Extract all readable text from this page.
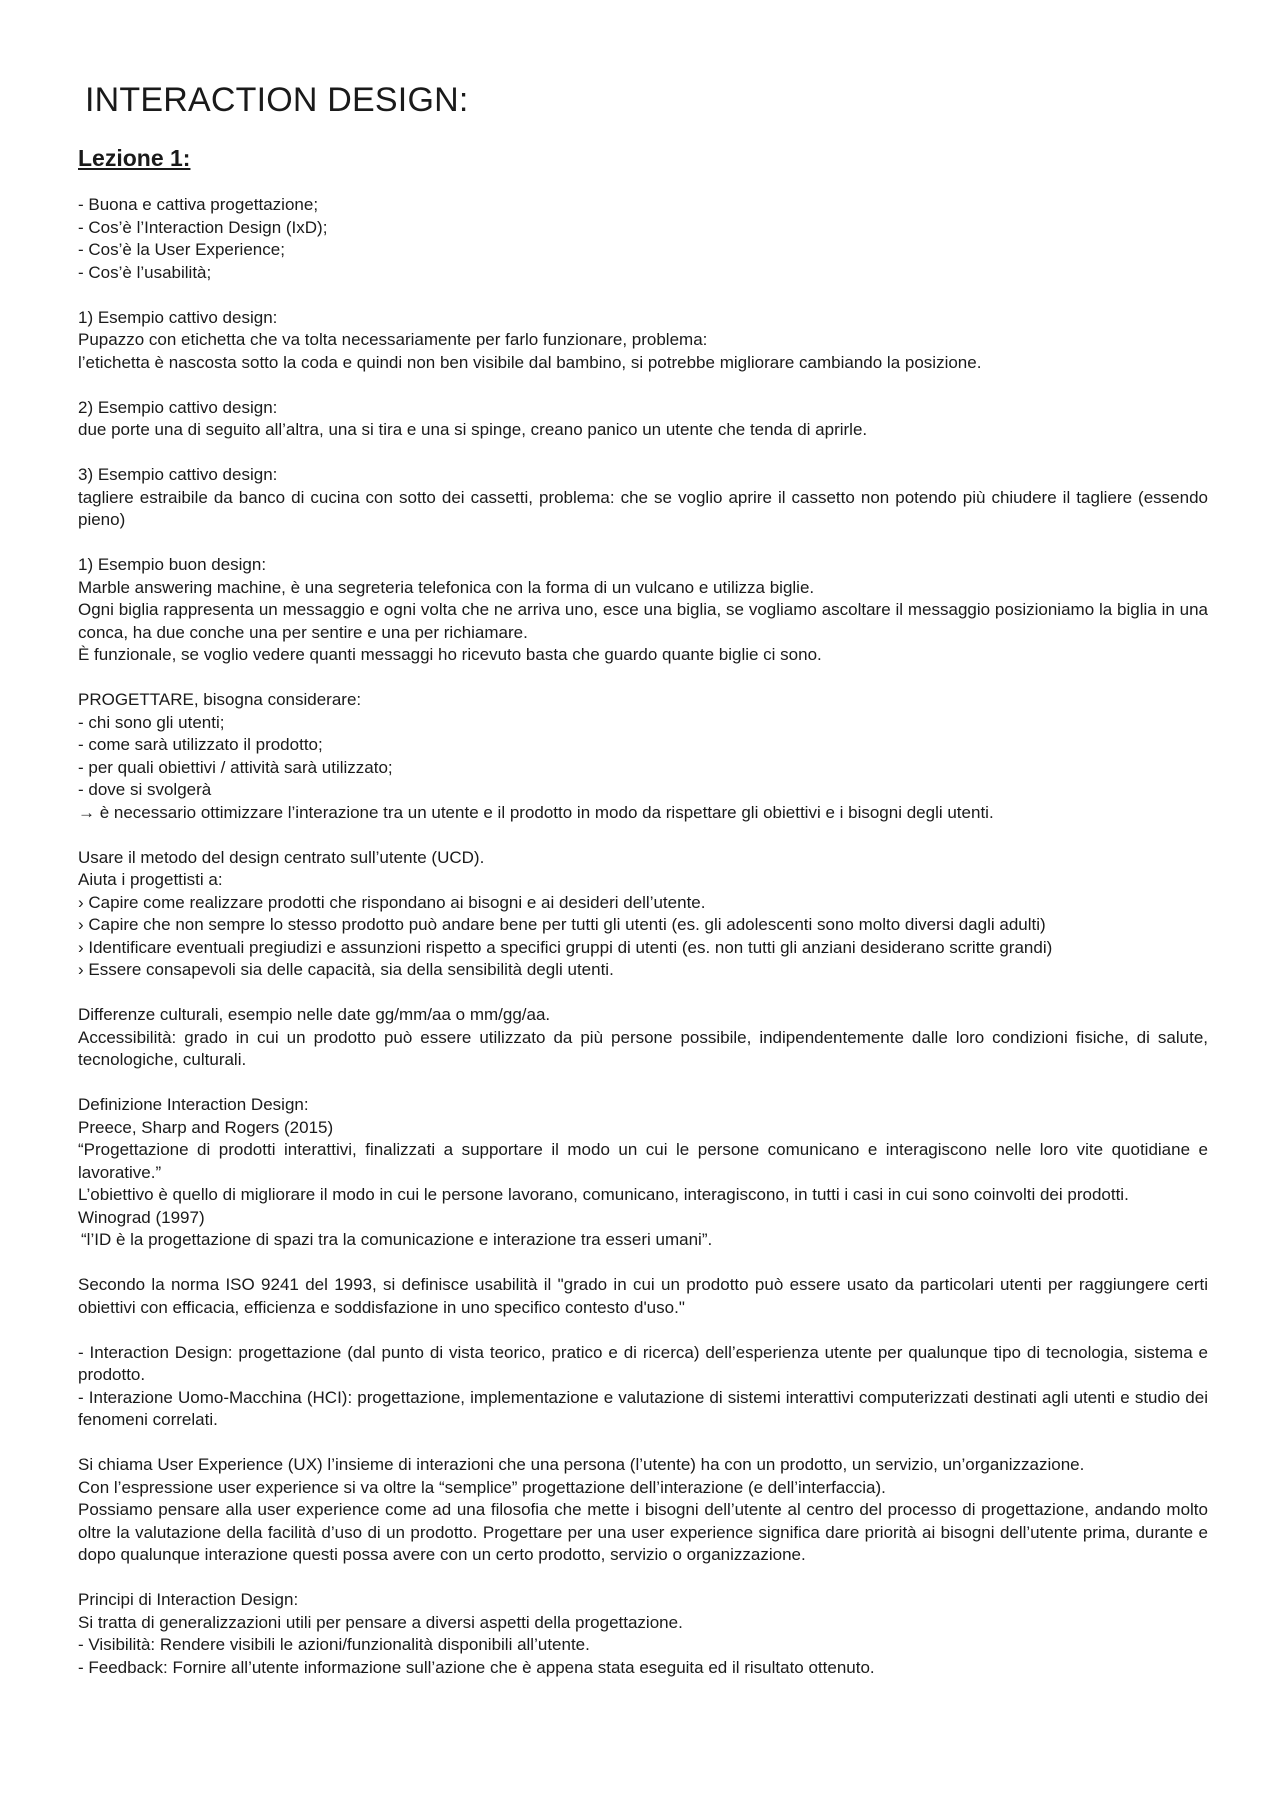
INTERACTION DESIGN:
Lezione 1:
- Buona e cattiva progettazione;
- Cos’è l’Interaction Design (IxD);
- Cos’è la User Experience;
- Cos’è l’usabilità;
1) Esempio cattivo design:
Pupazzo con etichetta che va tolta necessariamente per farlo funzionare, problema:
l’etichetta è nascosta sotto la coda e quindi non ben visibile dal bambino, si potrebbe migliorare cambiando la posizione.
2) Esempio cattivo design:
due porte una di seguito all’altra, una si tira e una si spinge, creano panico un utente che tenda di aprirle.
3) Esempio cattivo design:
tagliere estraibile da banco di cucina con sotto dei cassetti, problema: che se voglio aprire il cassetto non potendo più chiudere il tagliere (essendo pieno)
1) Esempio buon design:
Marble answering machine, è una segreteria telefonica con la forma di un vulcano e utilizza biglie.
Ogni biglia rappresenta un messaggio e ogni volta che ne arriva uno, esce una biglia, se vogliamo ascoltare il messaggio posizioniamo la biglia in una conca, ha due conche una per sentire e una per richiamare.
È funzionale, se voglio vedere quanti messaggi ho ricevuto basta che guardo quante biglie ci sono.
PROGETTARE, bisogna considerare:
- chi sono gli utenti;
- come sarà utilizzato il prodotto;
- per quali obiettivi / attività sarà utilizzato;
- dove si svolgerà
→ è necessario ottimizzare l’interazione tra un utente e il prodotto in modo da rispettare gli obiettivi e i bisogni degli utenti.
Usare il metodo del design centrato sull’utente (UCD).
Aiuta i progettisti a:
› Capire come realizzare prodotti che rispondano ai bisogni e ai desideri dell’utente.
› Capire che non sempre lo stesso prodotto può andare bene per tutti gli utenti (es. gli adolescenti sono molto diversi dagli adulti)
› Identificare eventuali pregiudizi e assunzioni rispetto a specifici gruppi di utenti (es. non tutti gli anziani desiderano scritte grandi)
› Essere consapevoli sia delle capacità, sia della sensibilità degli utenti.
Differenze culturali, esempio nelle date gg/mm/aa o mm/gg/aa.
Accessibilità: grado in cui un prodotto può essere utilizzato da più persone possibile, indipendentemente dalle loro condizioni fisiche, di salute, tecnologiche, culturali.
Definizione Interaction Design:
Preece, Sharp and Rogers (2015)
“Progettazione di prodotti interattivi, finalizzati a supportare il modo un cui le persone comunicano e interagiscono nelle loro vite quotidiane e lavorative.”
L’obiettivo è quello di migliorare il modo in cui le persone lavorano, comunicano, interagiscono, in tutti i casi in cui sono coinvolti dei prodotti.
Winograd (1997)
“l’ID è la progettazione di spazi tra la comunicazione e interazione tra esseri umani”.
Secondo la norma ISO 9241 del 1993, si definisce usabilità il "grado in cui un prodotto può essere usato da particolari utenti per raggiungere certi obiettivi con efficacia, efficienza e soddisfazione in uno specifico contesto d'uso."
- Interaction Design: progettazione (dal punto di vista teorico, pratico e di ricerca) dell’esperienza utente per qualunque tipo di tecnologia, sistema e prodotto.
- Interazione Uomo-Macchina (HCI): progettazione, implementazione e valutazione di sistemi interattivi computerizzati destinati agli utenti e studio dei fenomeni correlati.
Si chiama User Experience (UX) l’insieme di interazioni che una persona (l’utente) ha con un prodotto, un servizio, un’organizzazione.
Con l’espressione user experience si va oltre la “semplice” progettazione dell’interazione (e dell’interfaccia).
Possiamo pensare alla user experience come ad una filosofia che mette i bisogni dell’utente al centro del processo di progettazione, andando molto oltre la valutazione della facilità d’uso di un prodotto. Progettare per una user experience significa dare priorità ai bisogni dell’utente prima, durante e dopo qualunque interazione questi possa avere con un certo prodotto, servizio o organizzazione.
Principi di Interaction Design:
Si tratta di generalizzazioni utili per pensare a diversi aspetti della progettazione.
- Visibilità: Rendere visibili le azioni/funzionalità disponibili all’utente.
- Feedback: Fornire all’utente informazione sull’azione che è appena stata eseguita ed il risultato ottenuto.
